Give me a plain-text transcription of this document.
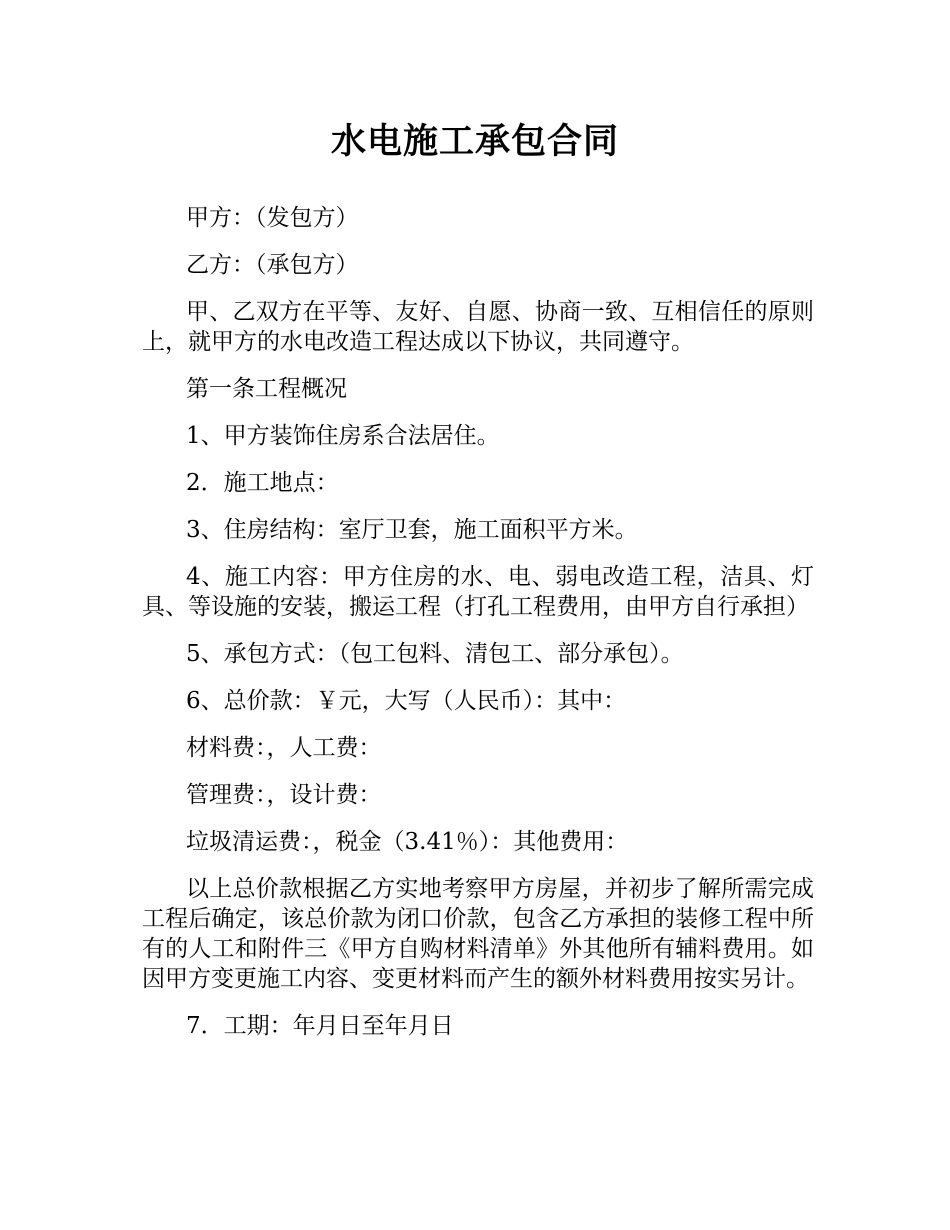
水电施工承包合同

甲方：（发包方）

乙方：（承包方）

甲、乙双方在平等、友好、自愿、协商一致、互相信任的原则上，就甲方的水电改造工程达成以下协议，共同遵守。

第一条工程概况

1、甲方装饰住房系合法居住。

2．施工地点：

3、住房结构：室厅卫套，施工面积平方米。

4、施工内容：甲方住房的水、电、弱电改造工程，洁具、灯具、等设施的安装，搬运工程（打孔工程费用，由甲方自行承担）

5、承包方式：（包工包料、清包工、部分承包）。

6、总价款：￥元，大写（人民币）：其中：

材料费：，人工费：

管理费：，设计费：

垃圾清运费：，税金（3.41％）：其他费用：

以上总价款根据乙方实地考察甲方房屋，并初步了解所需完成工程后确定，该总价款为闭口价款，包含乙方承担的装修工程中所有的人工和附件三《甲方自购材料清单》外其他所有辅料费用。如因甲方变更施工内容、变更材料而产生的额外材料费用按实另计。

7．工期：年月日至年月日
